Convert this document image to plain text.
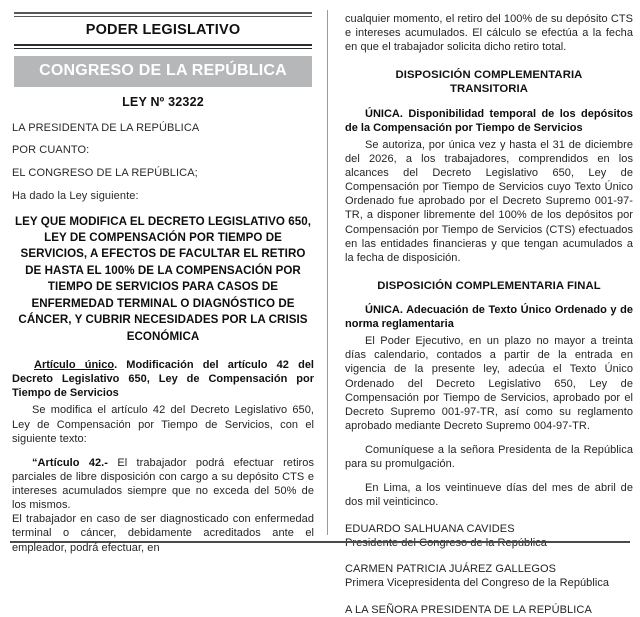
PODER LEGISLATIVO
CONGRESO DE LA REPÚBLICA
LEY Nº 32322
LA PRESIDENTA DE LA REPÚBLICA
POR CUANTO:
EL CONGRESO DE LA REPÚBLICA;
Ha dado la Ley siguiente:
LEY QUE MODIFICA EL DECRETO LEGISLATIVO 650, LEY DE COMPENSACIÓN POR TIEMPO DE SERVICIOS, A EFECTOS DE FACULTAR EL RETIRO DE HASTA EL 100% DE LA COMPENSACIÓN POR TIEMPO DE SERVICIOS PARA CASOS DE ENFERMEDAD TERMINAL O DIAGNÓSTICO DE CÁNCER, Y CUBRIR NECESIDADES POR LA CRISIS ECONÓMICA
Artículo único. Modificación del artículo 42 del Decreto Legislativo 650, Ley de Compensación por Tiempo de Servicios

Se modifica el artículo 42 del Decreto Legislativo 650, Ley de Compensación por Tiempo de Servicios, con el siguiente texto:

“Artículo 42.- El trabajador podrá efectuar retiros parciales de libre disposición con cargo a su depósito CTS e intereses acumulados siempre que no exceda del 50% de los mismos.

El trabajador en caso de ser diagnosticado con enfermedad terminal o cáncer, debidamente acreditados ante el empleador, podrá efectuar, en

cualquier momento, el retiro del 100% de su depósito CTS e intereses acumulados. El cálculo se efectúa a la fecha en que el trabajador solicita dicho retiro total.

DISPOSICIÓN COMPLEMENTARIA
TRANSITORIA
ÚNICA. Disponibilidad temporal de los depósitos de la Compensación por Tiempo de Servicios

Se autoriza, por única vez y hasta el 31 de diciembre del 2026, a los trabajadores, comprendidos en los alcances del Decreto Legislativo 650, Ley de Compensación por Tiempo de Servicios cuyo Texto Único Ordenado fue aprobado por el Decreto Supremo 001-97-TR, a disponer libremente del 100% de los depósitos por Compensación por Tiempo de Servicios (CTS) efectuados en las entidades financieras y que tengan acumulados a la fecha de disposición.

DISPOSICIÓN COMPLEMENTARIA FINAL
ÚNICA. Adecuación de Texto Único Ordenado y de norma reglamentaria

El Poder Ejecutivo, en un plazo no mayor a treinta días calendario, contados a partir de la entrada en vigencia de la presente ley, adecúa el Texto Único Ordenado del Decreto Legislativo 650, Ley de Compensación por Tiempo de Servicios, aprobado por el Decreto Supremo 001-97-TR, así como su reglamento aprobado mediante Decreto Supremo 004-97-TR.

Comuníquese a la señora Presidenta de la República para su promulgación.

En Lima, a los veintinueve días del mes de abril de dos mil veinticinco.

EDUARDO SALHUANA CAVIDES
Presidente del Congreso de la República
CARMEN PATRICIA JUÁREZ GALLEGOS
Primera Vicepresidenta del Congreso de la República
A LA SEÑORA PRESIDENTA DE LA REPÚBLICA
